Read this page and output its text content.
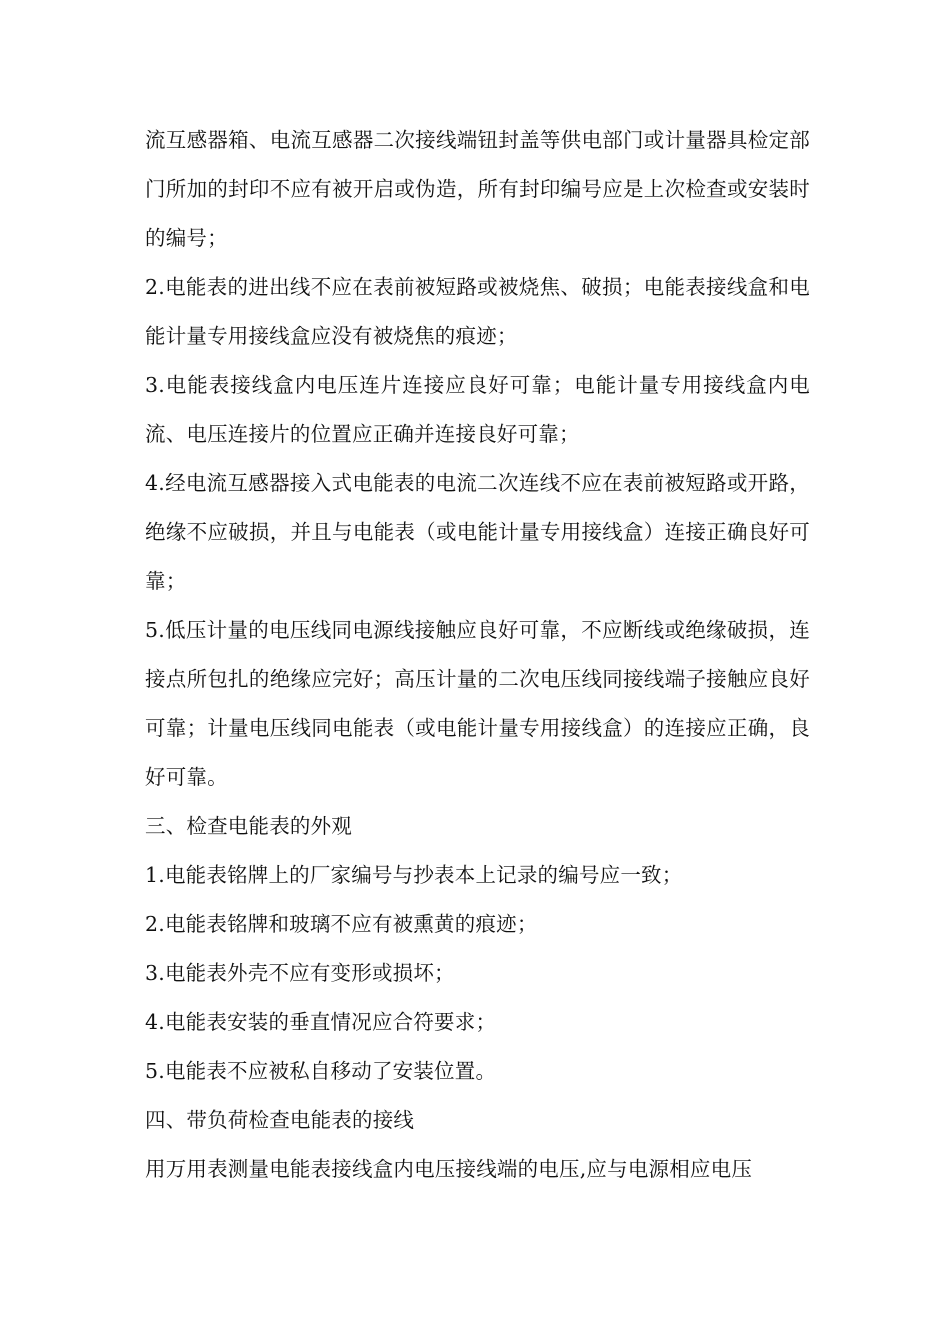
流互感器箱、电流互感器二次接线端钮封盖等供电部门或计量器具检定部门所加的封印不应有被开启或伪造，所有封印编号应是上次检查或安装时的编号；

2.电能表的进出线不应在表前被短路或被烧焦、破损；电能表接线盒和电能计量专用接线盒应没有被烧焦的痕迹；

3.电能表接线盒内电压连片连接应良好可靠；电能计量专用接线盒内电流、电压连接片的位置应正确并连接良好可靠；

4.经电流互感器接入式电能表的电流二次连线不应在表前被短路或开路，绝缘不应破损，并且与电能表（或电能计量专用接线盒）连接正确良好可靠；

5.低压计量的电压线同电源线接触应良好可靠，不应断线或绝缘破损，连接点所包扎的绝缘应完好；高压计量的二次电压线同接线端子接触应良好可靠；计量电压线同电能表（或电能计量专用接线盒）的连接应正确，良好可靠。

三、检查电能表的外观

1.电能表铭牌上的厂家编号与抄表本上记录的编号应一致；

2.电能表铭牌和玻璃不应有被熏黄的痕迹；

3.电能表外壳不应有变形或损坏；

4.电能表安装的垂直情况应合符要求；

5.电能表不应被私自移动了安装位置。

四、带负荷检查电能表的接线

用万用表测量电能表接线盒内电压接线端的电压,应与电源相应电压
